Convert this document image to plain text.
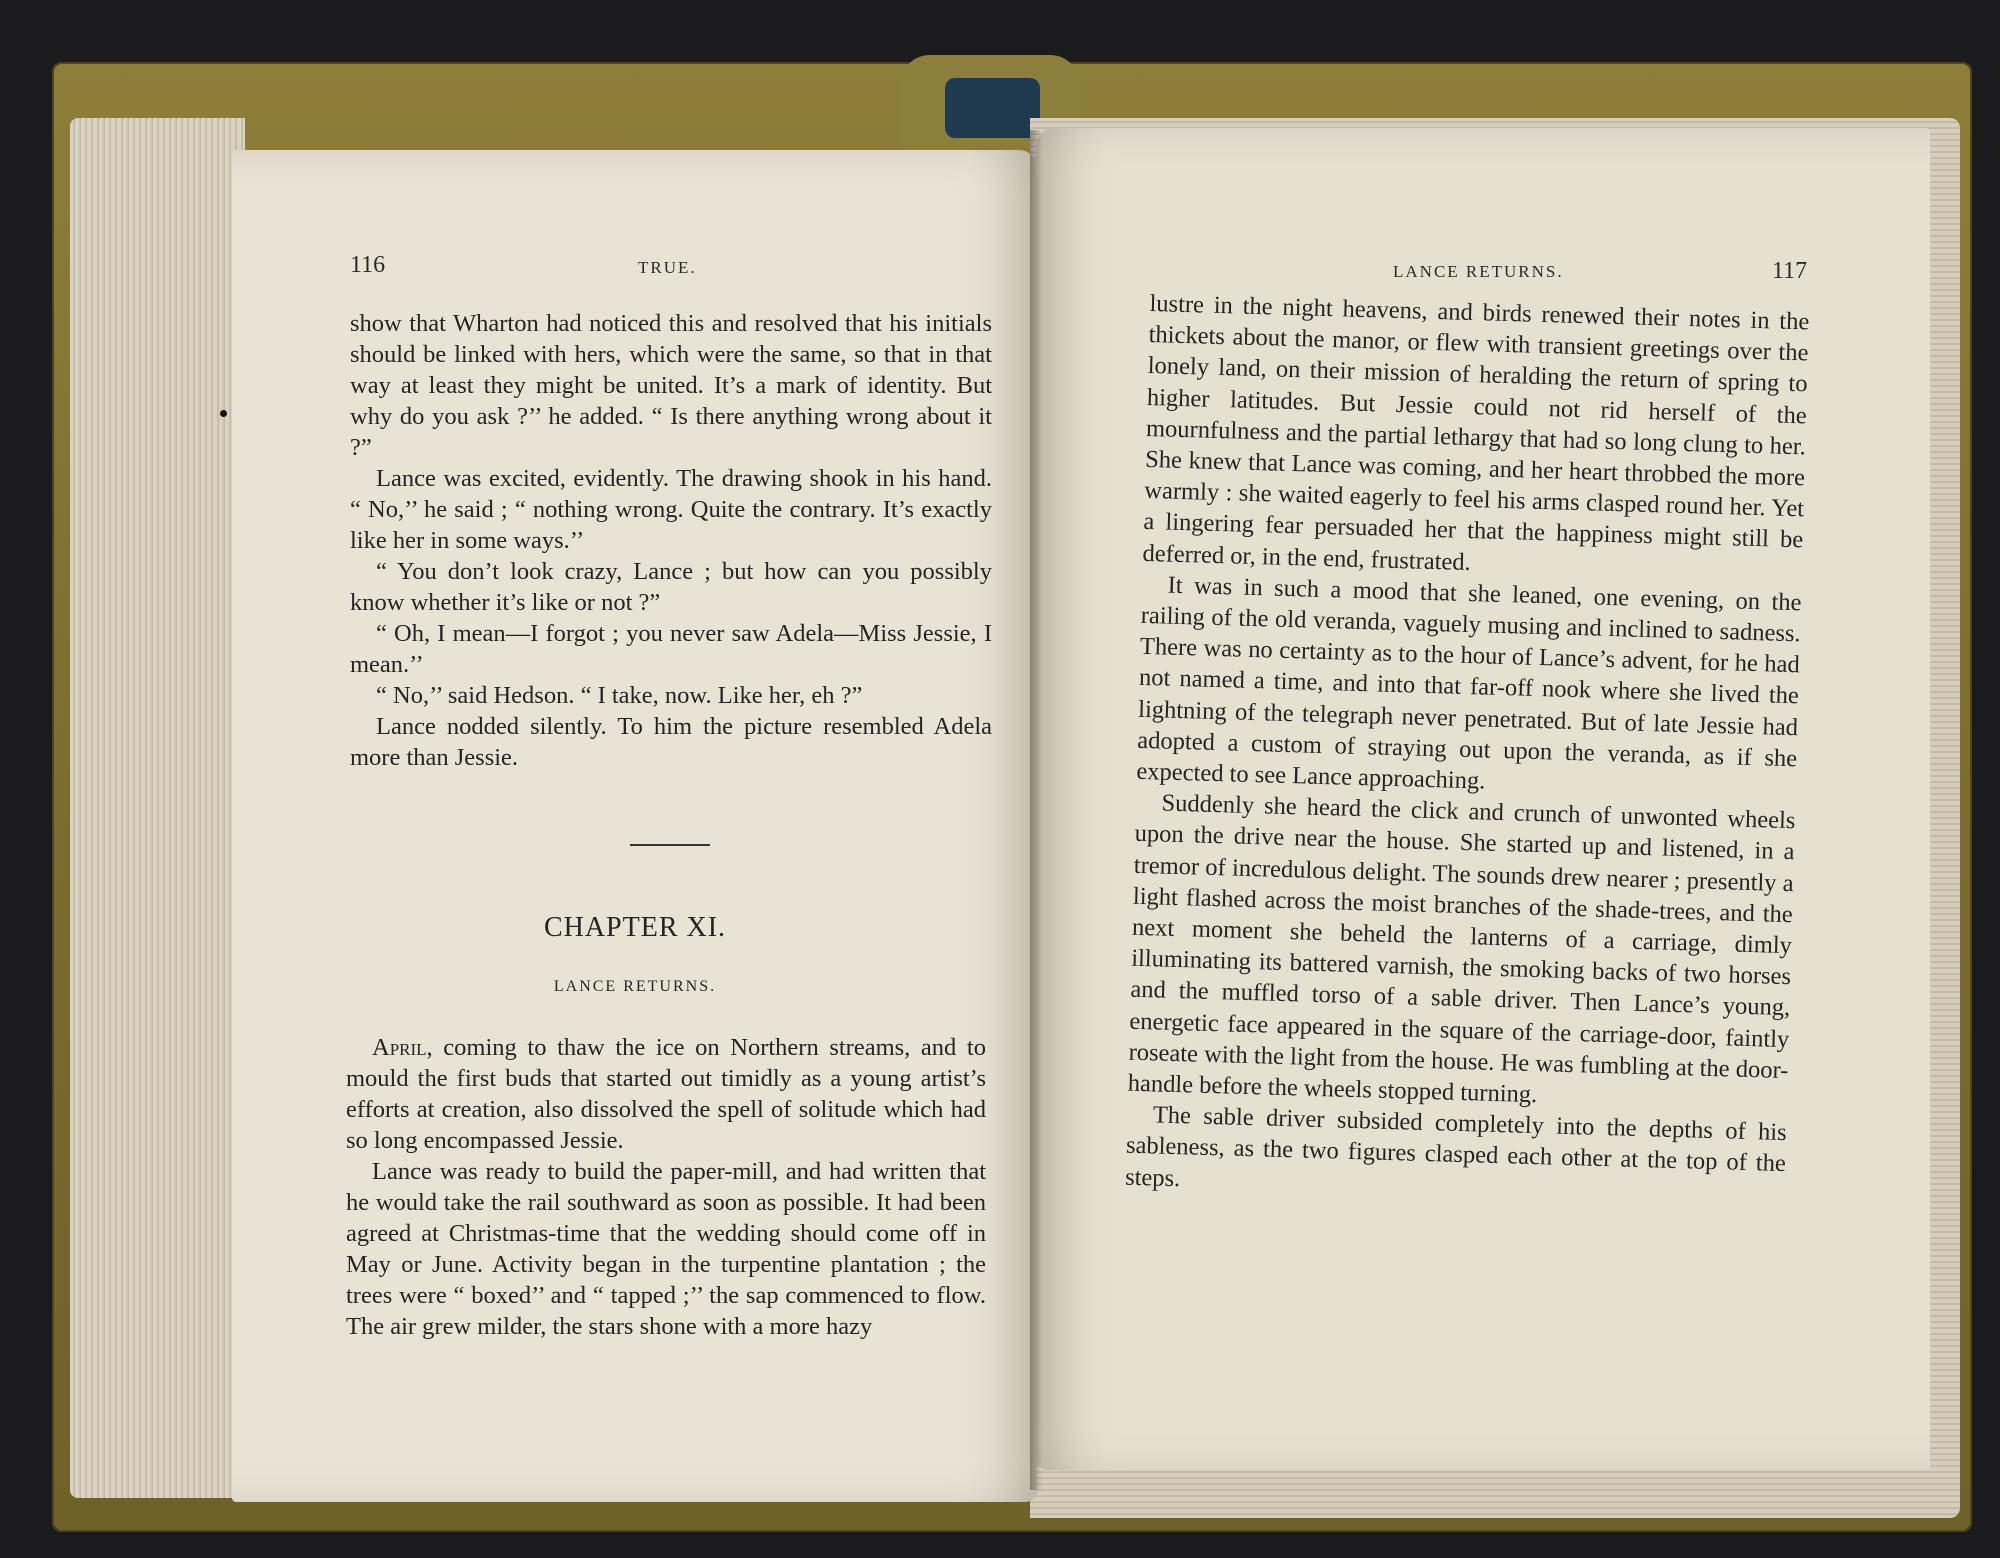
116	TRUE.

show that Wharton had noticed this and resolved that his initials should be linked with hers, which were the same, so that in that way at least they might be united. It’s a mark of identity. But why do you ask ?’’ he added. “ Is there anything wrong about it ?”

Lance was excited, evidently. The drawing shook in his hand. “ No,’’ he said ; “ nothing wrong. Quite the contrary. It’s exactly like her in some ways.’’

“ You don’t look crazy, Lance ; but how can you possibly know whether it’s like or not ?”

“ Oh, I mean—I forgot ; you never saw Adela—Miss Jessie, I mean.’’

“ No,’’ said Hedson. “ I take, now. Like her, eh ?”

Lance nodded silently. To him the picture resembled Adela more than Jessie.

CHAPTER XI.
LANCE RETURNS.

April, coming to thaw the ice on Northern streams, and to mould the first buds that started out timidly as a young artist’s efforts at creation, also dissolved the spell of solitude which had so long encompassed Jessie.

Lance was ready to build the paper-mill, and had written that he would take the rail southward as soon as possible. It had been agreed at Christmas-time that the wedding should come off in May or June. Activity began in the turpentine plantation ; the trees were “ boxed’’ and “ tapped ;’’ the sap commenced to flow. The air grew milder, the stars shone with a more hazy

LANCE RETURNS.	117

lustre in the night heavens, and birds renewed their notes in the thickets about the manor, or flew with transient greetings over the lonely land, on their mission of heralding the return of spring to higher latitudes. But Jessie could not rid herself of the mournfulness and the partial lethargy that had so long clung to her. She knew that Lance was coming, and her heart throbbed the more warmly : she waited eagerly to feel his arms clasped round her. Yet a lingering fear persuaded her that the happiness might still be deferred or, in the end, frustrated.

It was in such a mood that she leaned, one evening, on the railing of the old veranda, vaguely musing and inclined to sadness. There was no certainty as to the hour of Lance’s advent, for he had not named a time, and into that far-off nook where she lived the lightning of the telegraph never penetrated. But of late Jessie had adopted a custom of straying out upon the veranda, as if she expected to see Lance approaching.

Suddenly she heard the click and crunch of unwonted wheels upon the drive near the house. She started up and listened, in a tremor of incredulous delight. The sounds drew nearer ; presently a light flashed across the moist branches of the shade-trees, and the next moment she beheld the lanterns of a carriage, dimly illuminating its battered varnish, the smoking backs of two horses and the muffled torso of a sable driver. Then Lance’s young, energetic face appeared in the square of the carriage-door, faintly roseate with the light from the house. He was fumbling at the door-handle before the wheels stopped turning.

The sable driver subsided completely into the depths of his sableness, as the two figures clasped each other at the top of the steps.
